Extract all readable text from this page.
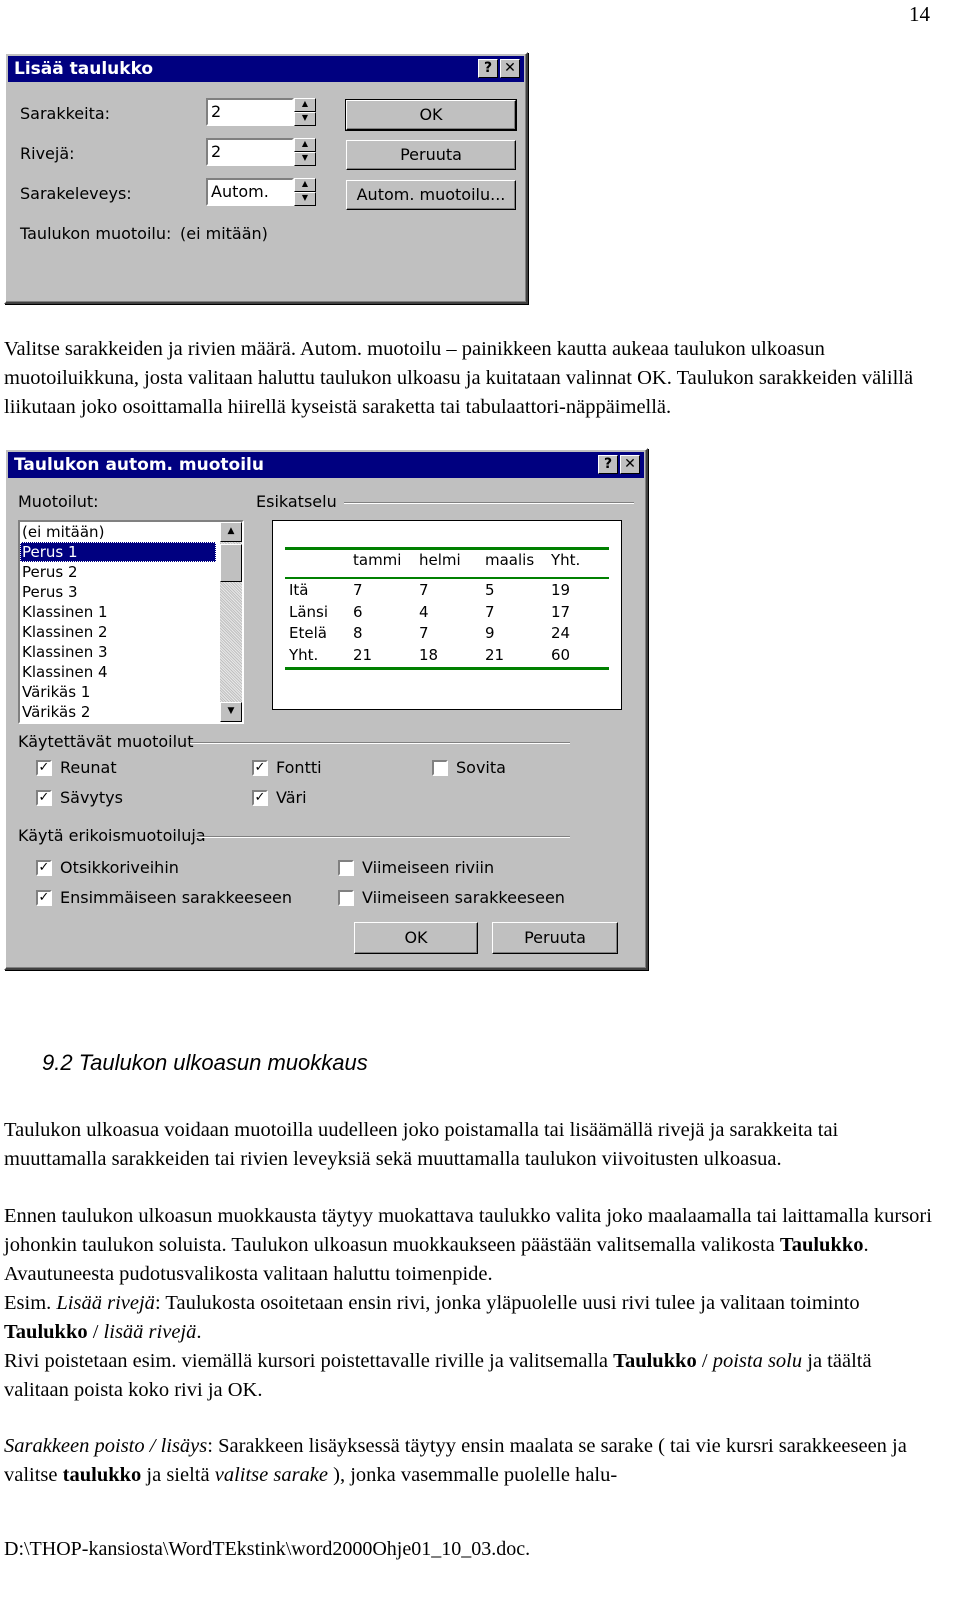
14
Lisää taulukko	? ✕
Sarakkeita:	2	▲
▼
Rivejä:	2	▲
▼
Sarakeleveys:	Autom.	▲
▼
Taulukon muotoilu: (ei mitään)
OK
Peruuta
Autom. muotoilu...
Valitse sarakkeiden ja rivien määrä. Autom. muotoilu – painikkeen kautta aukeaa taulukon ulkoasun muotoiluikkuna, josta valitaan haluttu taulukon ulkoasu ja kuitataan valinnat OK. Taulukon sarakkeiden välillä liikutaan joko osoittamalla hiirellä kyseistä saraketta tai tabulaattori-näppäimellä.
Taulukon autom. muotoilu	? ✕
Muotoilut:	Esikatselu
(ei mitään)
Perus 1
Perus 2
Perus 3
Klassinen 1
Klassinen 2
Klassinen 3
Klassinen 4
Värikäs 1
Värikäs 2
▲
▼
tammi helmi maalis Yht.
Itä	7	7	5	19
Länsi 6	4	7	17
Etelä 8	7	9	24
Yht. 21	18	21	60
Käytettävät muotoilut
✓ Reunat	✓ Fontti	Sovita
✓ Sävytys	✓ Väri
Käytä erikoismuotoiluja
✓ Otsikkoriveihin	Viimeiseen riviin
✓ Ensimmäiseen sarakkeeseen	Viimeiseen sarakkeeseen
OK	Peruuta
9.2 Taulukon ulkoasun muokkaus
Taulukon ulkoasua voidaan muotoilla uudelleen joko poistamalla tai lisäämällä rivejä ja sarakkeita tai muuttamalla sarakkeiden tai rivien leveyksiä sekä muuttamalla taulukon viivoitusten ulkoasua.
Ennen taulukon ulkoasun muokkausta täytyy muokattava taulukko valita joko maalaamalla tai laittamalla kursori johonkin taulukon soluista. Taulukon ulkoasun muokkaukseen päästään valitsemalla valikosta Taulukko. Avautuneesta pudotusvalikosta valitaan haluttu toimenpide.
Esim. Lisää rivejä: Taulukosta osoitetaan ensin rivi, jonka yläpuolelle uusi rivi tulee ja valitaan toiminto Taulukko / lisää rivejä.
Rivi poistetaan esim. viemällä kursori poistettavalle riville ja valitsemalla Taulukko / poista solu ja täältä valitaan poista koko rivi ja OK.
Sarakkeen poisto / lisäys: Sarakkeen lisäyksessä täytyy ensin maalata se sarake ( tai vie kursri sarakkeeseen ja valitse taulukko ja sieltä valitse sarake ), jonka vasemmalle puolelle halu-
D:\THOP-kansiosta\WordTEkstink\word2000Ohje01_10_03.doc.
